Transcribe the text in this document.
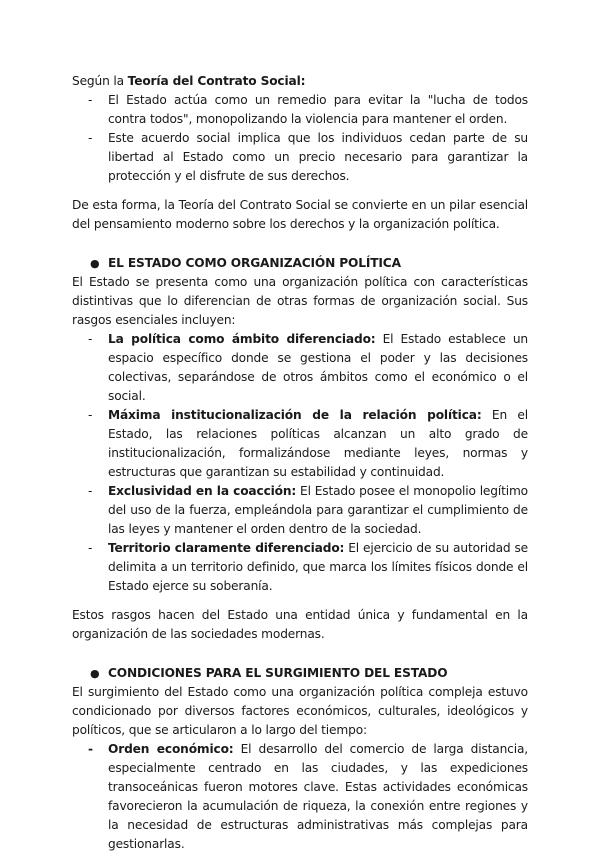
Según la Teoría del Contrato Social:

- El Estado actúa como un remedio para evitar la "lucha de todos contra todos", monopolizando la violencia para mantener el orden.
- Este acuerdo social implica que los individuos cedan parte de su libertad al Estado como un precio necesario para garantizar la protección y el disfrute de sus derechos.

De esta forma, la Teoría del Contrato Social se convierte en un pilar esencial del pensamiento moderno sobre los derechos y la organización política.

● EL ESTADO COMO ORGANIZACIÓN POLÍTICA

El Estado se presenta como una organización política con características distintivas que lo diferencian de otras formas de organización social. Sus rasgos esenciales incluyen:

- La política como ámbito diferenciado: El Estado establece un espacio específico donde se gestiona el poder y las decisiones colectivas, separándose de otros ámbitos como el económico o el social.
- Máxima institucionalización de la relación política: En el Estado, las relaciones políticas alcanzan un alto grado de institucionalización, formalizándose mediante leyes, normas y estructuras que garantizan su estabilidad y continuidad.
- Exclusividad en la coacción: El Estado posee el monopolio legítimo del uso de la fuerza, empleándola para garantizar el cumplimiento de las leyes y mantener el orden dentro de la sociedad.
- Territorio claramente diferenciado: El ejercicio de su autoridad se delimita a un territorio definido, que marca los límites físicos donde el Estado ejerce su soberanía.

Estos rasgos hacen del Estado una entidad única y fundamental en la organización de las sociedades modernas.

● CONDICIONES PARA EL SURGIMIENTO DEL ESTADO

El surgimiento del Estado como una organización política compleja estuvo condicionado por diversos factores económicos, culturales, ideológicos y políticos, que se articularon a lo largo del tiempo:

- Orden económico: El desarrollo del comercio de larga distancia, especialmente centrado en las ciudades, y las expediciones transoceánicas fueron motores clave. Estas actividades económicas favorecieron la acumulación de riqueza, la conexión entre regiones y la necesidad de estructuras administrativas más complejas para gestionarlas.
